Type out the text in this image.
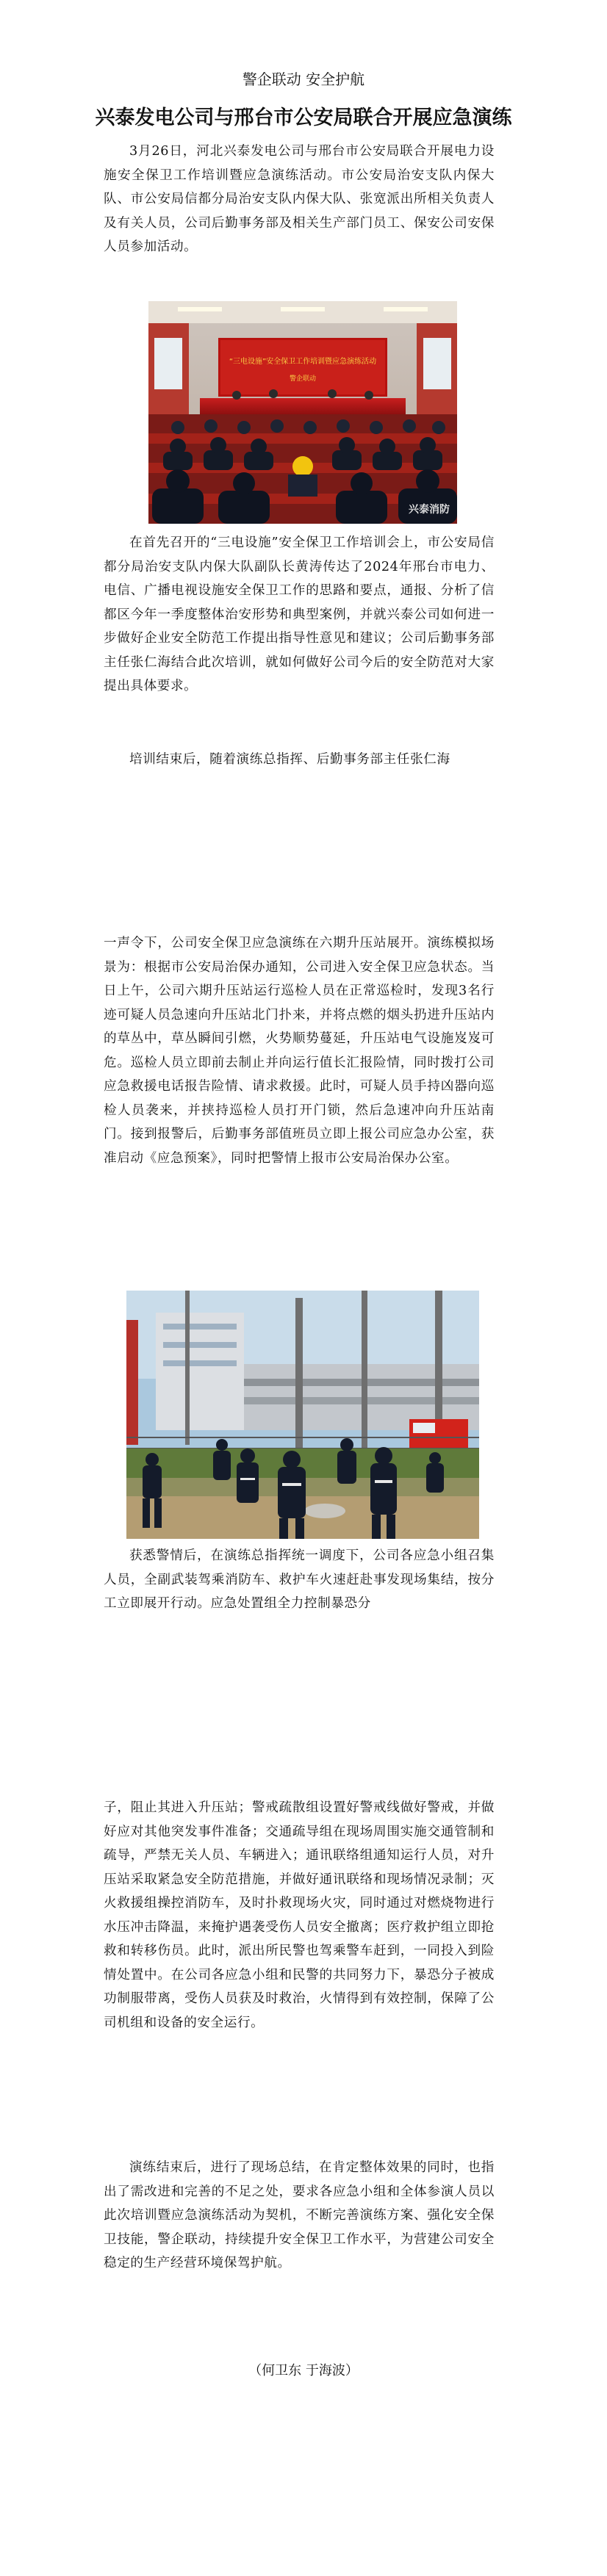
警企联动 安全护航
兴泰发电公司与邢台市公安局联合开展应急演练

3月26日，河北兴泰发电公司与邢台市公安局联合开展电力设施安全保卫工作培训暨应急演练活动。市公安局治安支队内保大队、市公安局信都分局治安支队内保大队、张宽派出所相关负责人及有关人员，公司后勤事务部及相关生产部门员工、保安公司安保人员参加活动。

“三电设施”安全保卫工作培训暨应急演练活动
警企联动
兴泰消防

在首先召开的“三电设施”安全保卫工作培训会上，市公安局信都分局治安支队内保大队副队长黄涛传达了2024年邢台市电力、电信、广播电视设施安全保卫工作的思路和要点，通报、分析了信都区今年一季度整体治安形势和典型案例，并就兴泰公司如何进一步做好企业安全防范工作提出指导性意见和建议；公司后勤事务部主任张仁海结合此次培训，就如何做好公司今后的安全防范对大家提出具体要求。

培训结束后，随着演练总指挥、后勤事务部主任张仁海

一声令下，公司安全保卫应急演练在六期升压站展开。演练模拟场景为：根据市公安局治保办通知，公司进入安全保卫应急状态。当日上午，公司六期升压站运行巡检人员在正常巡检时，发现3名行迹可疑人员急速向升压站北门扑来，并将点燃的烟头扔进升压站内的草丛中，草丛瞬间引燃，火势顺势蔓延，升压站电气设施岌岌可危。巡检人员立即前去制止并向运行值长汇报险情，同时拨打公司应急救援电话报告险情、请求救援。此时，可疑人员手持凶器向巡检人员袭来，并挟持巡检人员打开门锁，然后急速冲向升压站南门。接到报警后，后勤事务部值班员立即上报公司应急办公室，获准启动《应急预案》，同时把警情上报市公安局治保办公室。

获悉警情后，在演练总指挥统一调度下，公司各应急小组召集人员，全副武装驾乘消防车、救护车火速赶赴事发现场集结，按分工立即展开行动。应急处置组全力控制暴恐分

子，阻止其进入升压站；警戒疏散组设置好警戒线做好警戒，并做好应对其他突发事件准备；交通疏导组在现场周围实施交通管制和疏导，严禁无关人员、车辆进入；通讯联络组通知运行人员，对升压站采取紧急安全防范措施，并做好通讯联络和现场情况录制；灭火救援组操控消防车，及时扑救现场火灾，同时通过对燃烧物进行水压冲击降温，来掩护遇袭受伤人员安全撤离；医疗救护组立即抢救和转移伤员。此时，派出所民警也驾乘警车赶到，一同投入到险情处置中。在公司各应急小组和民警的共同努力下，暴恐分子被成功制服带离，受伤人员获及时救治，火情得到有效控制，保障了公司机组和设备的安全运行。

演练结束后，进行了现场总结，在肯定整体效果的同时，也指出了需改进和完善的不足之处，要求各应急小组和全体参演人员以此次培训暨应急演练活动为契机，不断完善演练方案、强化安全保卫技能，警企联动，持续提升安全保卫工作水平，为营建公司安全稳定的生产经营环境保驾护航。

（何卫东 于海波）
